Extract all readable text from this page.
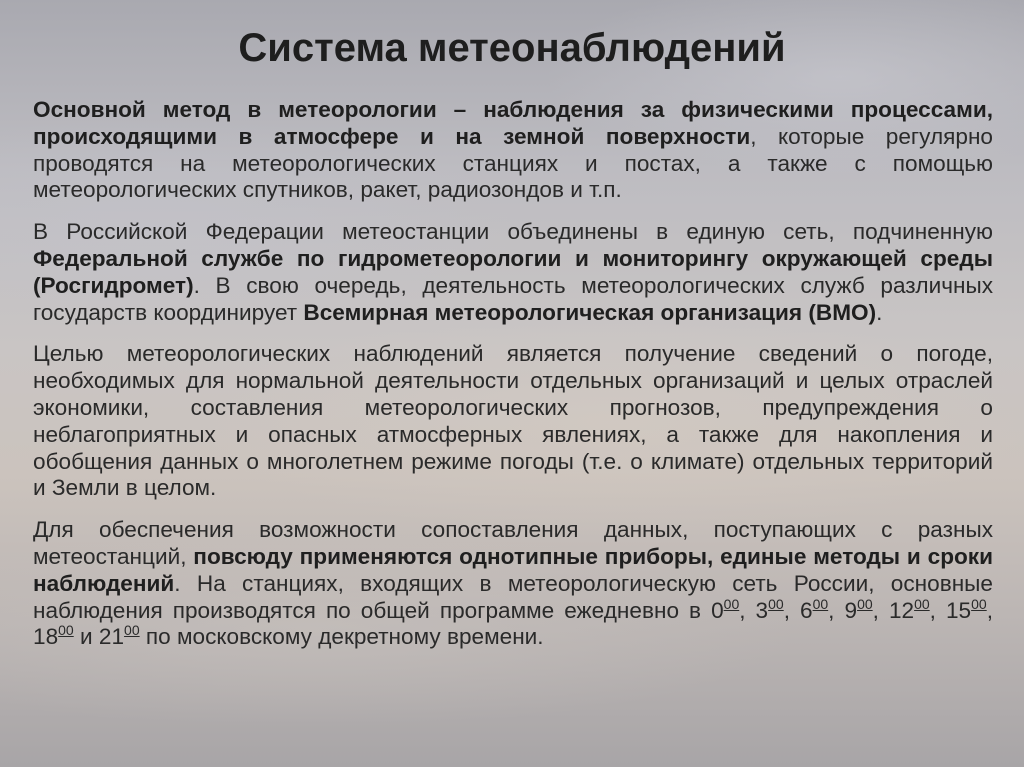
Система метеонаблюдений

Основной метод в метеорологии – наблюдения за физическими процессами, происходящими в атмосфере и на земной поверхности, которые регулярно проводятся на метеорологических станциях и постах, а также с помощью метеорологических спутников, ракет, радиозондов и т.п.

В Российской Федерации метеостанции объединены в единую сеть, подчиненную Федеральной службе по гидрометеорологии и мониторингу окружающей среды (Росгидромет). В свою очередь, деятельность метеорологических служб различных государств координирует Всемирная метеорологическая организация (ВМО).

Целью метеорологических наблюдений является получение сведений о погоде, необходимых для нормальной деятельности отдельных организаций и целых отраслей экономики, составления метеорологических прогнозов, предупреждения о неблагоприятных и опасных атмосферных явлениях, а также для накопления и обобщения данных о многолетнем режиме погоды (т.е. о климате) отдельных территорий и Земли в целом.

Для обеспечения возможности сопоставления данных, поступающих с разных метеостанций, повсюду применяются однотипные приборы, единые методы и сроки наблюдений. На станциях, входящих в метеорологическую сеть России, основные наблюдения производятся по общей программе ежедневно в $0^{00}$, $3^{00}$, $6^{00}$, $9^{00}$, $12^{00}$, $15^{00}$, $18^{00}$ и $21^{00}$ по московскому декретному времени.
